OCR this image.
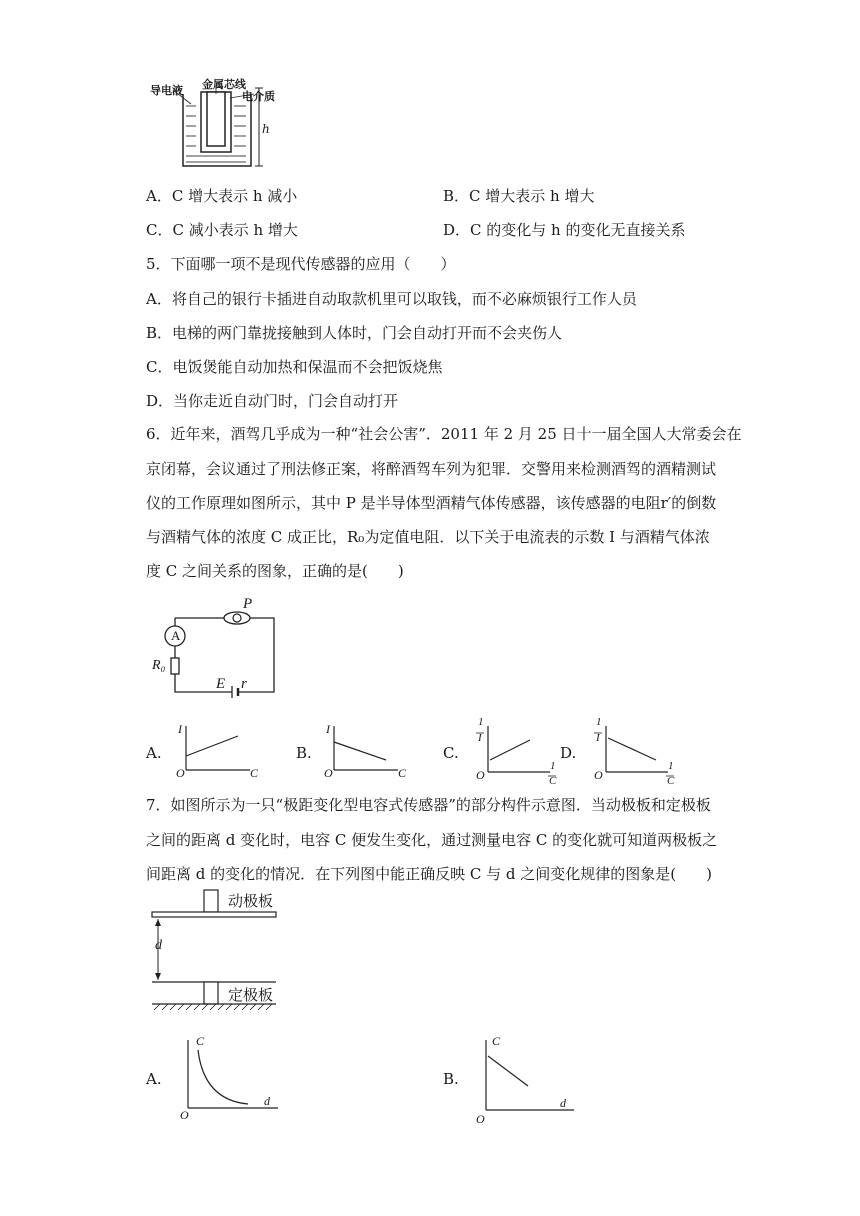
导电液 金属芯线
电介质
h
A．C 增大表示 h 减小	B．C 增大表示 h 增大
C．C 减小表示 h 增大	D．C 的变化与 h 的变化无直接关系
5．下面哪一项不是现代传感器的应用（　　）
A．将自己的银行卡插进自动取款机里可以取钱，而不必麻烦银行工作人员
B．电梯的两门靠拢接触到人体时，门会自动打开而不会夹伤人
C．电饭煲能自动加热和保温而不会把饭烧焦
D．当你走近自动门时，门会自动打开
6．近年来，酒驾几乎成为一种“社会公害”．2011 年 2 月 25 日十一届全国人大常委会在
京闭幕，会议通过了刑法修正案，将醉酒驾车列为犯罪．交警用来检测酒驾的酒精测试
仪的工作原理如图所示，其中 P 是半导体型酒精气体传感器，该传感器的电阻r′的倒数
与酒精气体的浓度 C 成正比，R₀为定值电阻．以下关于电流表的示数 I 与酒精气体浓
度 C 之间关系的图象，正确的是(　　)
A
P
R₀
E r
A.
I
O	C
B.
I
O	C
C.
1
I
O
1
C
D.
1
I
O
1
C
7．如图所示为一只“极距变化型电容式传感器”的部分构件示意图．当动极板和定极板
之间的距离 d 变化时，电容 C 便发生变化，通过测量电容 C 的变化就可知道两极板之
间距离 d 的变化的情况．在下列图中能正确反映 C 与 d 之间变化规律的图象是(　　)
动极板
定极板
d
A.
C
O
d
B.
C
O
d
